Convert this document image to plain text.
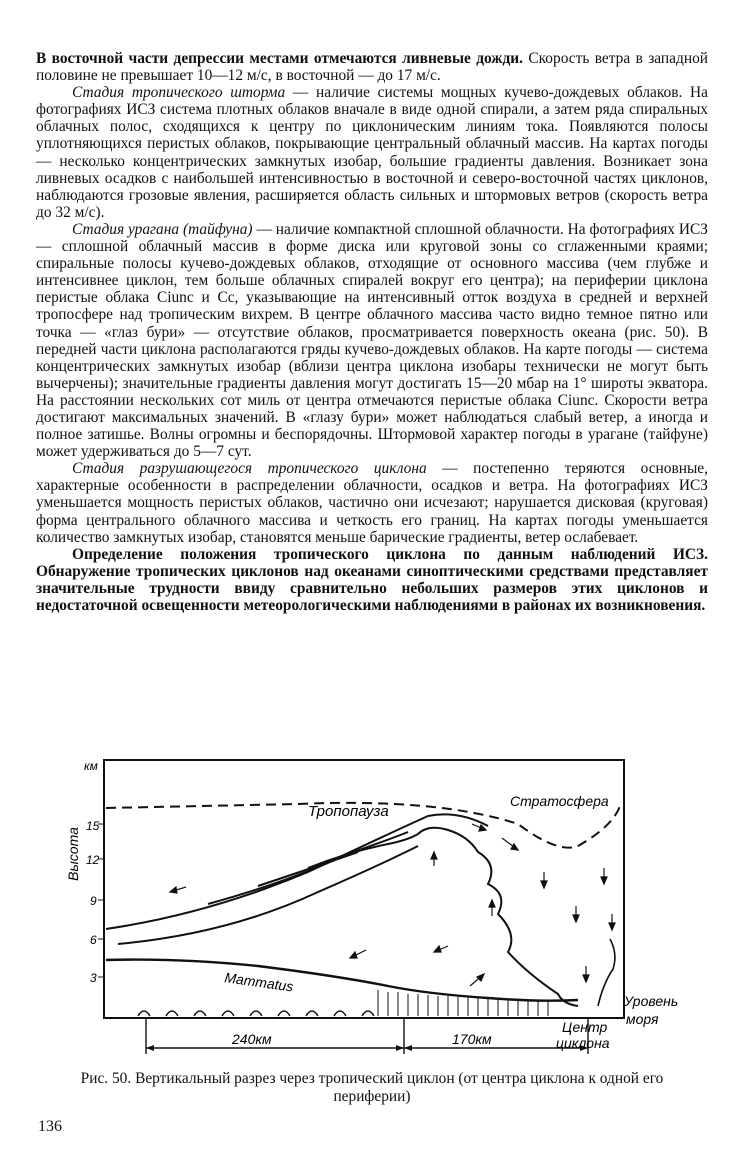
В восточной части депрессии местами отмечаются ливневые дожди. Скорость ветра в западной половине не превышает 10—12 м/с, в восточной — до 17 м/с.

Стадия тропического шторма — наличие системы мощных кучево-дождевых облаков. На фотографиях ИСЗ система плотных облаков вначале в виде одной спирали, а затем ряда спиральных облачных полос, сходящихся к центру по циклоническим линиям тока. Появляются полосы уплотняющихся перистых облаков, покрывающие центральный облачный массив. На картах погоды — несколько концентрических замкнутых изобар, большие градиенты давления. Возникает зона ливневых осадков с наибольшей интенсивностью в восточной и северо-восточной частях циклонов, наблюдаются грозовые явления, расширяется область сильных и штормовых ветров (скорость ветра до 32 м/с).

Стадия урагана (тайфуна) — наличие компактной сплошной облачности. На фотографиях ИСЗ — сплошной облачный массив в форме диска или круговой зоны со сглаженными краями; спиральные полосы кучево-дождевых облаков, отходящие от основного массива (чем глубже и интенсивнее циклон, тем больше облачных спиралей вокруг его центра); на периферии циклона перистые облака Ciunc и Cc, указывающие на интенсивный отток воздуха в средней и верхней тропосфере над тропическим вихрем. В центре облачного массива часто видно темное пятно или точка — «глаз бури» — отсутствие облаков, просматривается поверхность океана (рис. 50). В передней части циклона располагаются гряды кучево-дождевых облаков. На карте погоды — система концентрических замкнутых изобар (вблизи центра циклона изобары технически не могут быть вычерчены); значительные градиенты давления могут достигать 15—20 мбар на 1° широты экватора. На расстоянии нескольких сот миль от центра отмечаются перистые облака Ciunc. Скорости ветра достигают максимальных значений. В «глазу бури» может наблюдаться слабый ветер, а иногда и полное затишье. Волны огромны и беспорядочны. Штормовой характер погоды в урагане (тайфуне) может удерживаться до 5—7 сут.

Стадия разрушающегося тропического циклона — постепенно теряются основные, характерные особенности в распределении облачности, осадков и ветра. На фотографиях ИСЗ уменьшается мощность перистых облаков, частично они исчезают; нарушается дисковая (круговая) форма центрального облачного массива и четкость его границ. На картах погоды уменьшается количество замкнутых изобар, становятся меньше барические градиенты, ветер ослабевает.

Определение положения тропического циклона по данным наблюдений ИСЗ. Обнаружение тропических циклонов над океанами синоптическими средствами представляет значительные трудности ввиду сравнительно небольших размеров этих циклонов и недостаточной освещенности метеорологическими наблюдениями в районах их возникновения.

Высота
км
15
12
9
6
3
Тропопауза
Стратосфера
Mammatus
Уровень
моря
240км	170км
Центр
циклона
Рис. 50. Вертикальный разрез через тропический циклон (от центра циклона к одной его периферии)
136
